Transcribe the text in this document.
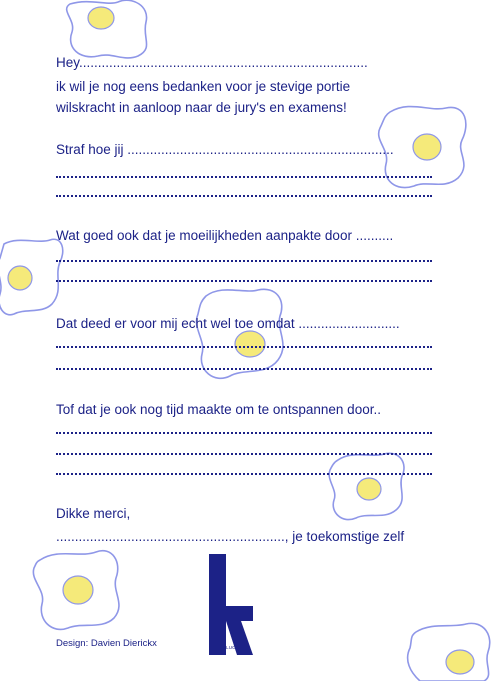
Hey.............................................................................
ik wil je nog eens bedanken voor je stevige portie
wilskracht in aanloop naar de jury's en examens!
Straf hoe jij .......................................................................
Wat goed ook dat je moeilijkheden aanpakte door ..........
Dat deed er voor mij echt wel toe omdat ...........................
Tof dat je ook nog tijd maakte om te ontspannen door..
Dikke merci,
............................................................., je toekomstige zelf
LUCA
Design: Davien Dierickx
